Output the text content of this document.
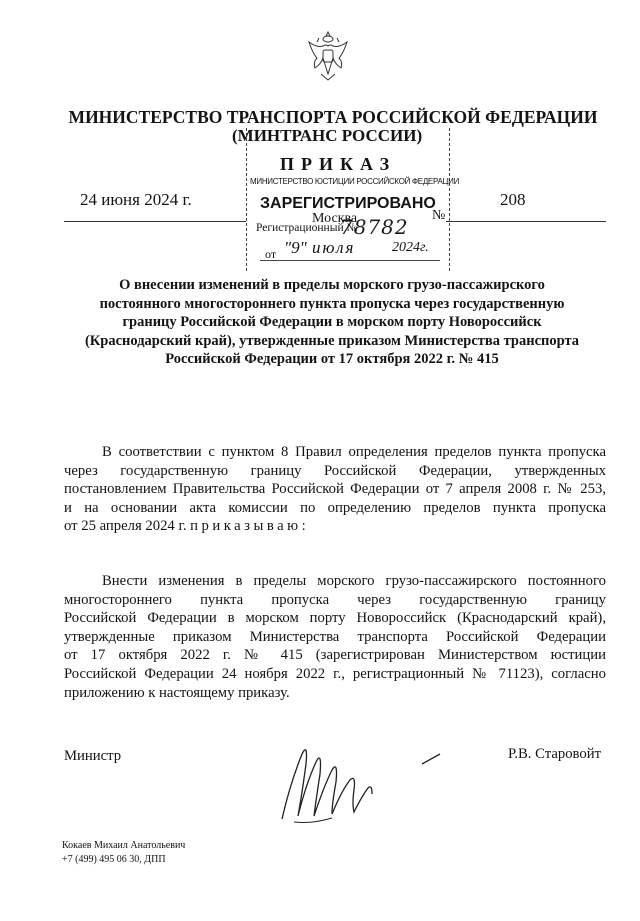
МИНИСТЕРСТВО ТРАНСПОРТА РОССИЙСКОЙ ФЕДЕРАЦИИ
(МИНТРАНС РОССИИ)
ПРИКАЗ
МИНИСТЕРСТВО ЮСТИЦИИ РОССИЙСКОЙ ФЕДЕРАЦИИ
ЗАРЕГИСТРИРОВАНО
Москва	№
Регистрационный №
78782
от "9" июля	2024г.
24 июня 2024 г.	208
О внесении изменений в пределы морского грузо-пассажирского постоянного многостороннего пункта пропуска через государственную границу Российской Федерации в морском порту Новороссийск (Краснодарский край), утвержденные приказом Министерства транспорта Российской Федерации от 17 октября 2022 г. № 415
В соответствии с пунктом 8 Правил определения пределов пункта пропуска
через государственную границу Российской Федерации, утвержденных
постановлением Правительства Российской Федерации от 7 апреля 2008 г. № 253,
и на основании акта комиссии по определению пределов пункта пропуска
от 25 апреля 2024 г. приказываю:
Внести изменения в пределы морского грузо-пассажирского постоянного
многостороннего пункта пропуска через государственную границу
Российской Федерации в морском порту Новороссийск (Краснодарский край),
утвержденные приказом Министерства транспорта Российской Федерации
от 17 октября 2022 г. № 415 (зарегистрирован Министерством юстиции
Российской Федерации 24 ноября 2022 г., регистрационный № 71123), согласно
приложению к настоящему приказу.
Министр	Р.В. Старовойт
Кокаев Михаил Анатольевич
+7 (499) 495 06 30, ДПП
